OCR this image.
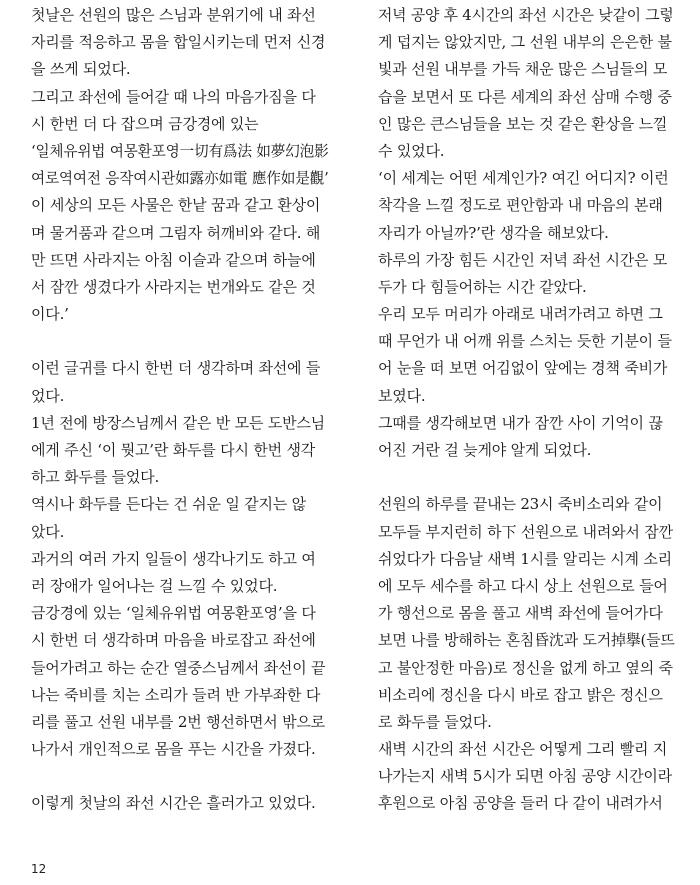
첫날은 선원의 많은 스님과 분위기에 내 좌선
자리를 적응하고 몸을 합일시키는데 먼저 신경
을 쓰게 되었다.
그리고 좌선에 들어갈 때 나의 마음가짐을 다
시 한번 더 다 잡으며 금강경에 있는
‘일체유위법 여몽환포영一切有爲法 如夢幻泡影
여로역여전 응작여시관如露亦如電 應作如是觀’
이 세상의 모든 사물은 한낱 꿈과 같고 환상이
며 물거품과 같으며 그림자 허깨비와 같다. 해
만 뜨면 사라지는 아침 이슬과 같으며 하늘에
서 잠깐 생겼다가 사라지는 번개와도 같은 것
이다.’
이런 글귀를 다시 한번 더 생각하며 좌선에 들
었다.
1년 전에 방장스님께서 같은 반 모든 도반스님
에게 주신 ‘이 뭣고’란 화두를 다시 한번 생각
하고 화두를 들었다.
역시나 화두를 든다는 건 쉬운 일 같지는 않
았다.
과거의 여러 가지 일들이 생각나기도 하고 여
러 장애가 일어나는 걸 느낄 수 있었다.
금강경에 있는 ‘일체유위법 여몽환포영’을 다
시 한번 더 생각하며 마음을 바로잡고 좌선에
들어가려고 하는 순간 열중스님께서 좌선이 끝
나는 죽비를 치는 소리가 들려 반 가부좌한 다
리를 풀고 선원 내부를 2번 행선하면서 밖으로
나가서 개인적으로 몸을 푸는 시간을 가졌다.
이렇게 첫날의 좌선 시간은 흘러가고 있었다.
저녁 공양 후 4시간의 좌선 시간은 낮같이 그렇
게 덥지는 않았지만, 그 선원 내부의 은은한 불
빛과 선원 내부를 가득 채운 많은 스님들의 모
습을 보면서 또 다른 세계의 좌선 삼매 수행 중
인 많은 큰스님들을 보는 것 같은 환상을 느낄
수 있었다.
‘이 세계는 어떤 세계인가? 여긴 어디지? 이런
착각을 느낄 정도로 편안함과 내 마음의 본래
자리가 아닐까?’란 생각을 해보았다.
하루의 가장 힘든 시간인 저녁 좌선 시간은 모
두가 다 힘들어하는 시간 같았다.
우리 모두 머리가 아래로 내려가려고 하면 그
때 무언가 내 어깨 위를 스치는 듯한 기분이 들
어 눈을 떠 보면 어김없이 앞에는 경책 죽비가
보였다.
그때를 생각해보면 내가 잠깐 사이 기억이 끊
어진 거란 걸 늦게야 알게 되었다.
선원의 하루를 끝내는 23시 죽비소리와 같이
모두들 부지런히 하下 선원으로 내려와서 잠깐
쉬었다가 다음날 새벽 1시를 알리는 시계 소리
에 모두 세수를 하고 다시 상上 선원으로 들어
가 행선으로 몸을 풀고 새벽 좌선에 들어가다
보면 나를 방해하는 혼침昏沈과 도거掉擧(들뜨
고 불안정한 마음)로 정신을 없게 하고 옆의 죽
비소리에 정신을 다시 바로 잡고 밝은 정신으
로 화두를 들었다.
새벽 시간의 좌선 시간은 어떻게 그리 빨리 지
나가는지 새벽 5시가 되면 아침 공양 시간이라
후원으로 아침 공양을 들러 다 같이 내려가서
12
